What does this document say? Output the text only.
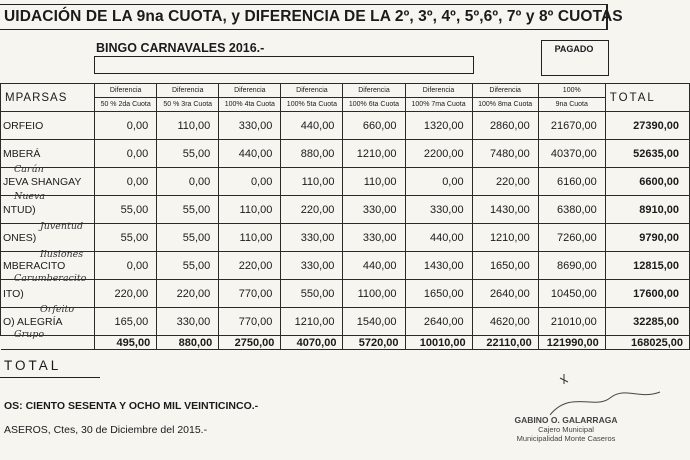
UIDACIÓN DE LA 9na CUOTA, y DIFERENCIA DE LA 2º, 3º, 4º, 5º,6º, 7º y 8º CUOTAS
BINGO CARNAVALES 2016.-	PAGADO
MPARSAS	Diferencia	Diferencia	Diferencia	Diferencia	Diferencia	Diferencia	Diferencia	100%	TOTAL
	50 % 2da Cuota	50 % 3ra Cuota	100% 4ta Cuota	100% 5ta Cuota	100% 6ta Cuota	100% 7ma Cuota	100% 8ma Cuota	9na Cuota	
ORFEIO	0,00	110,00	330,00	440,00	660,00	1320,00	2860,00	21670,00	27390,00
MBERÁ	0,00	55,00	440,00	880,00	1210,00	2200,00	7480,00	40370,00	52635,00
JEVA SHANGAY	0,00	0,00	0,00	110,00	110,00	0,00	220,00	6160,00	6600,00
NTUD)	55,00	55,00	110,00	220,00	330,00	330,00	1430,00	6380,00	8910,00
ONES)	55,00	55,00	110,00	330,00	330,00	440,00	1210,00	7260,00	9790,00
MBERACITO	0,00	55,00	220,00	330,00	440,00	1430,00	1650,00	8690,00	12815,00
ITO)	220,00	220,00	770,00	550,00	1100,00	1650,00	2640,00	10450,00	17600,00
O) ALEGRÍA	165,00	330,00	770,00	1210,00	1540,00	2640,00	4620,00	21010,00	32285,00
	495,00	880,00	2750,00	4070,00	5720,00	10010,00	22110,00	121990,00	168025,00
TOTAL
OS: CIENTO SESENTA Y OCHO MIL VEINTICINCO.-
ASEROS, Ctes, 30 de Diciembre del 2015.-
GABINO O. GALARRAGA
Cajero Municipal
Municipalidad Monte Caseros
Carún
Nueva
Juventud
Ilusiones
Carumberacito
Orfeito
Grupo
